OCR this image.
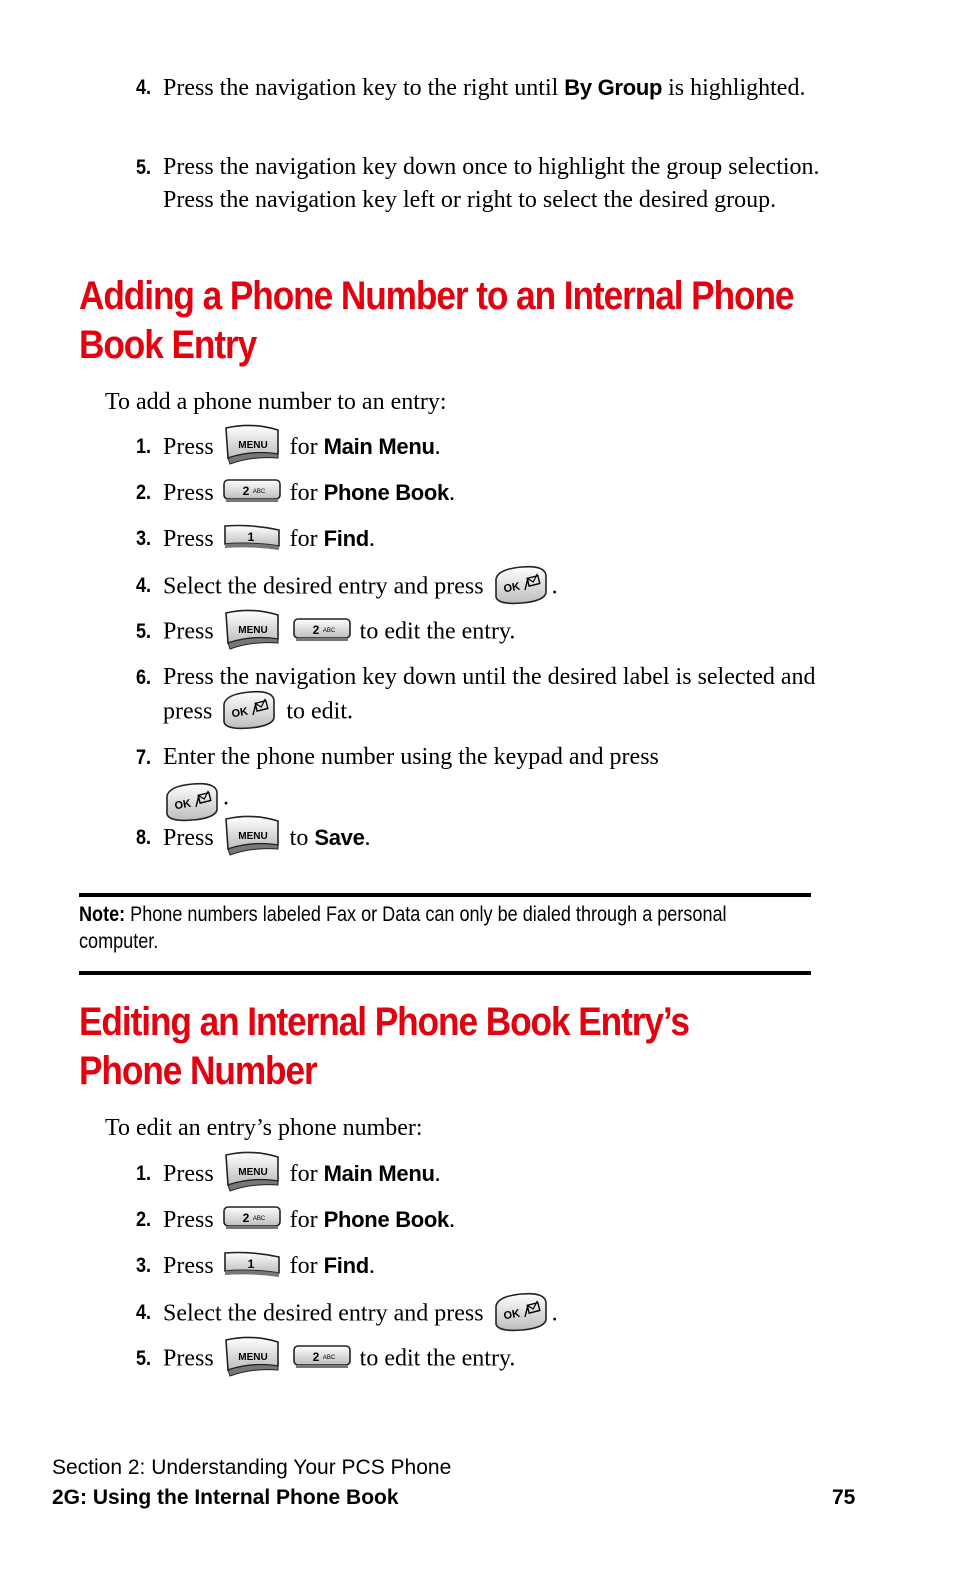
4. Press the navigation key to the right until By Group is highlighted.
5. Press the navigation key down once to highlight the group selection. Press the navigation key left or right to select the desired group.
Adding a Phone Number to an Internal Phone
Book Entry
To add a phone number to an entry:
1. Press MENU for Main Menu.
2. Press 2 ABC for Phone Book.
3. Press	1 for Find.
4. Select the desired entry and press OK .
5. Press MENU
	2 ABC to edit the entry.
6. Press the navigation key down until the desired label is selected and press OK to edit.
7. Enter the phone number using the keypad and press

OK .
8. Press MENU to Save.
Note: Phone numbers labeled Fax or Data can only be dialed through a personal computer.
Editing an Internal Phone Book Entry’s
Phone Number
To edit an entry’s phone number:
1. Press MENU for Main Menu.
2. Press 2 ABC for Phone Book.
3. Press	1 for Find.
4. Select the desired entry and press OK .
5. Press MENU
	2 ABC to edit the entry.
Section 2: Understanding Your PCS Phone
2G: Using the Internal Phone Book	75
